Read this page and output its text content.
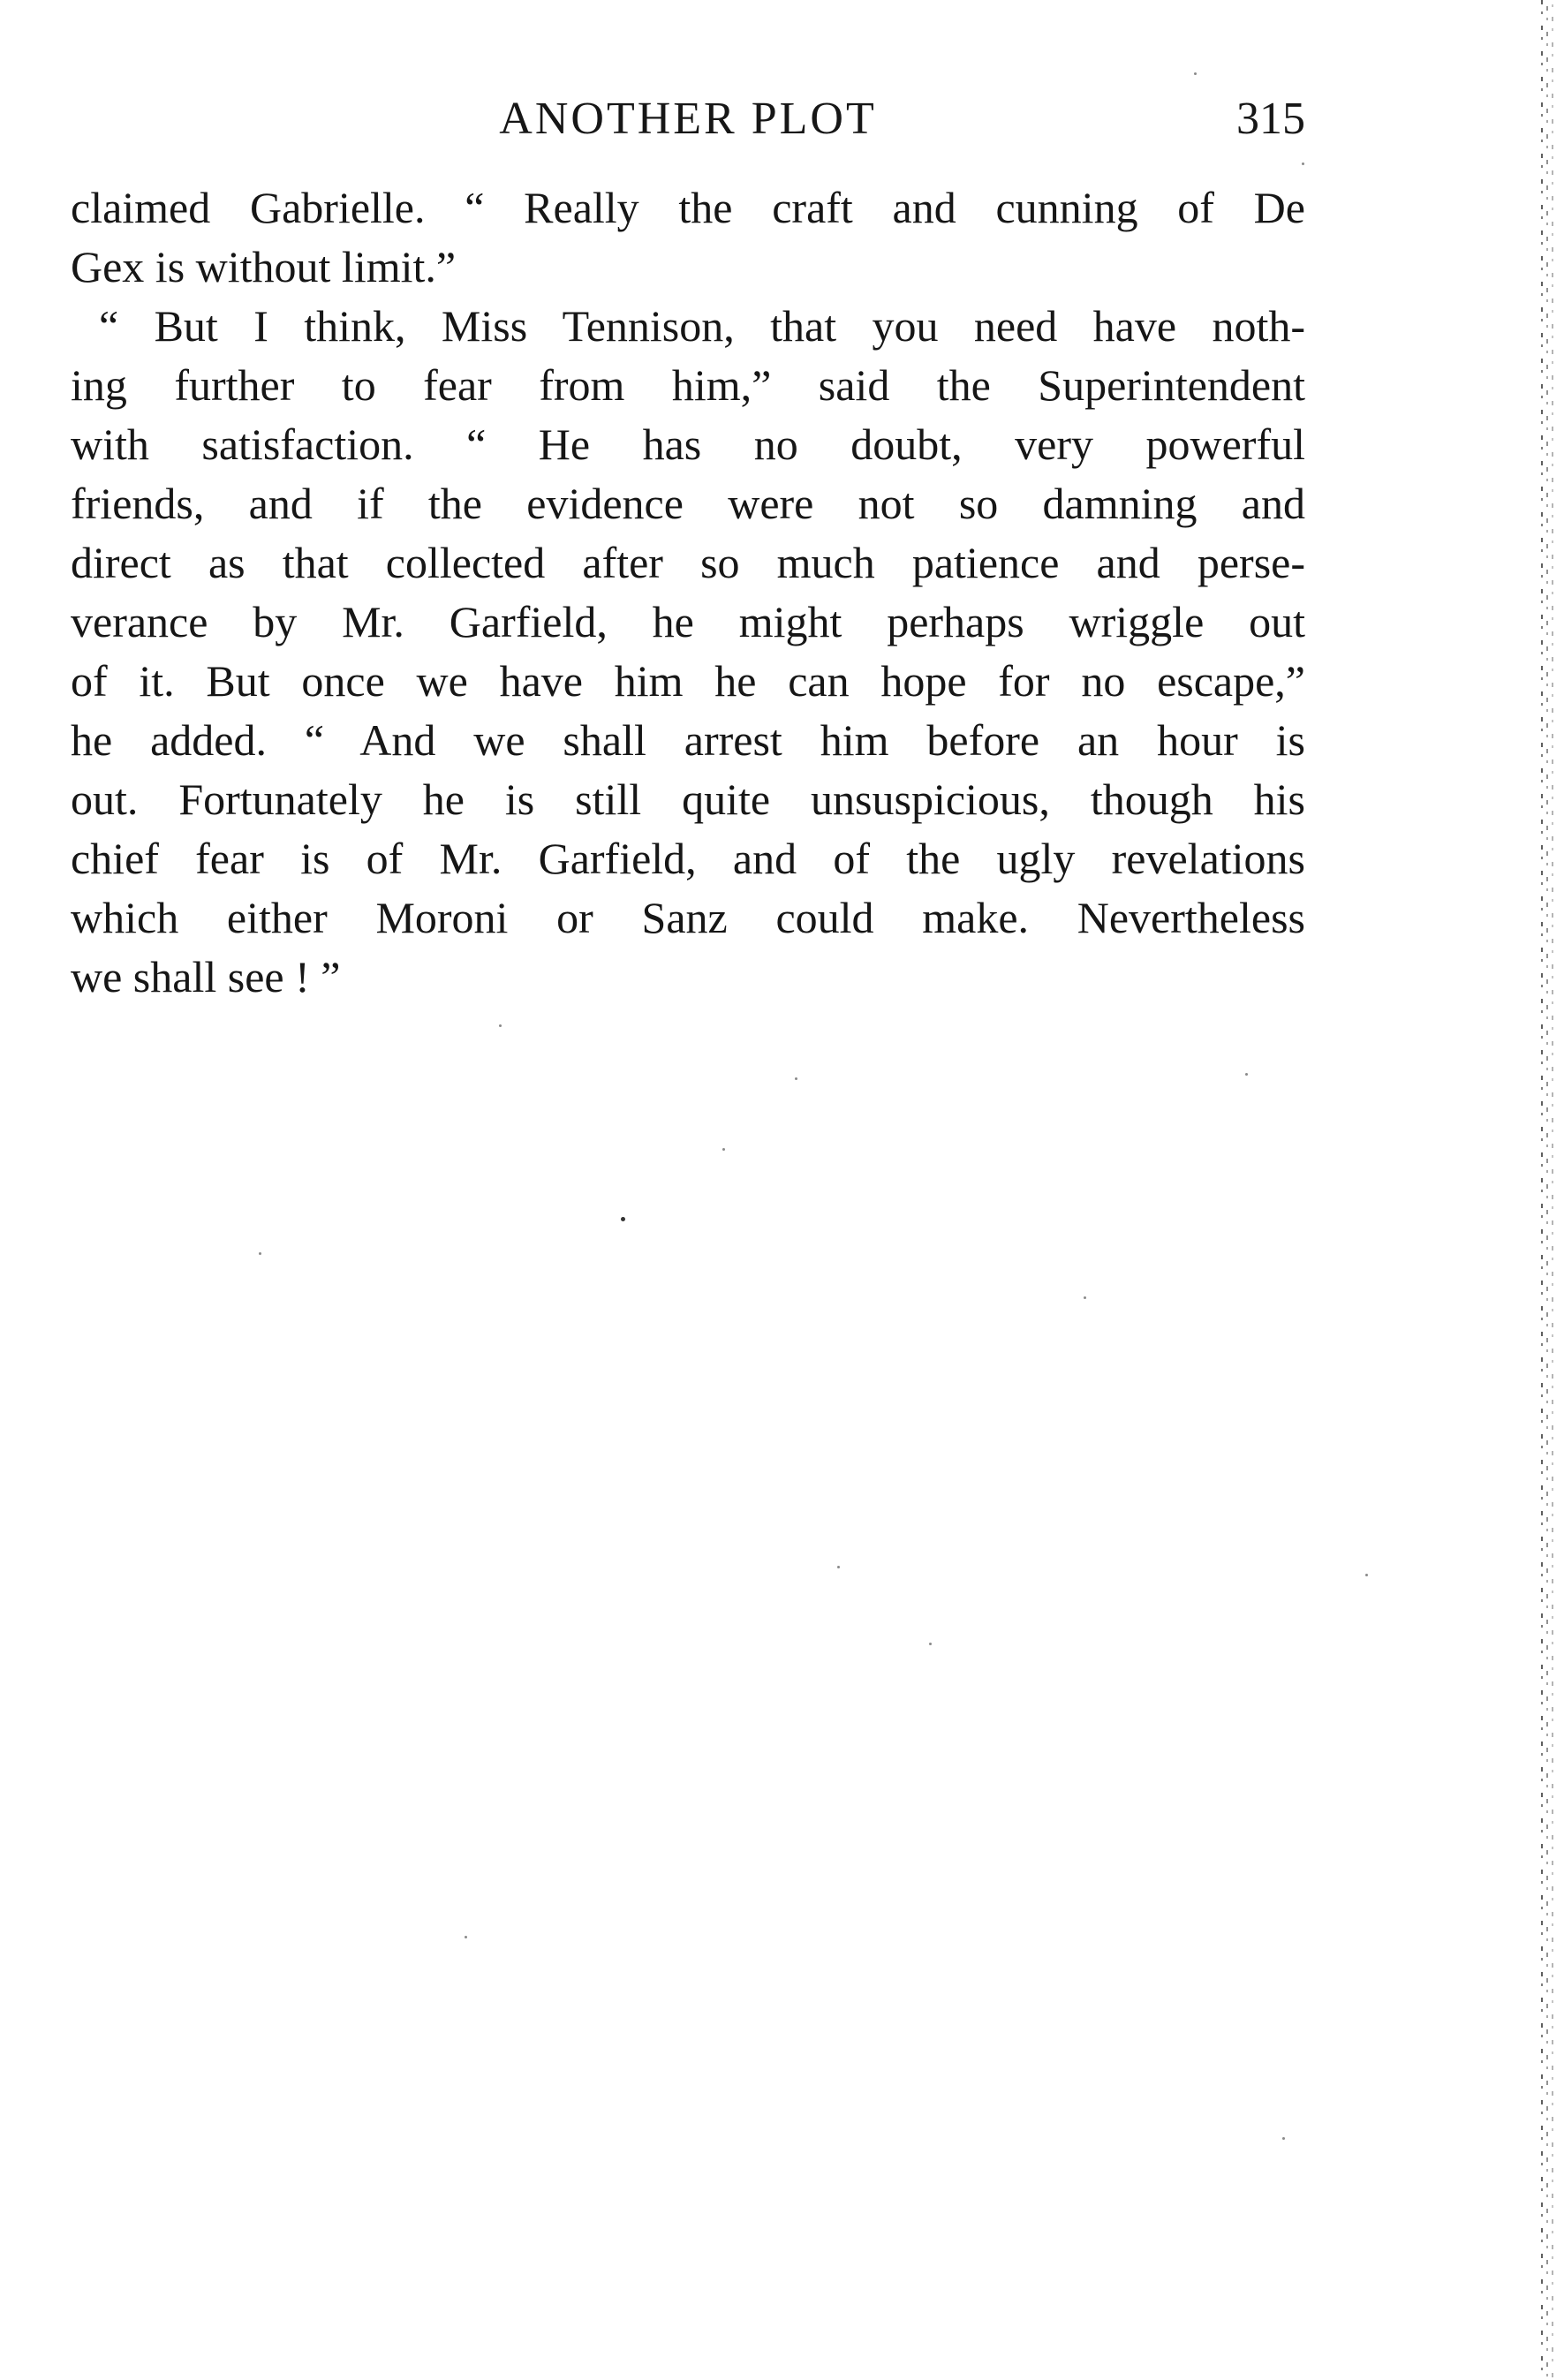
ANOTHER PLOT	315
claimed Gabrielle. “ Really the craft and cunning of De
Gex is without limit.”
“ But I think, Miss Tennison, that you need have noth-
ing further to fear from him,” said the Superintendent
with satisfaction. “ He has no doubt, very powerful
friends, and if the evidence were not so damning and
direct as that collected after so much patience and perse-
verance by Mr. Garfield, he might perhaps wriggle out
of it. But once we have him he can hope for no escape,”
he added. “ And we shall arrest him before an hour is
out. Fortunately he is still quite unsuspicious, though his
chief fear is of Mr. Garfield, and of the ugly revelations
which either Moroni or Sanz could make. Nevertheless
we shall see ! ”
